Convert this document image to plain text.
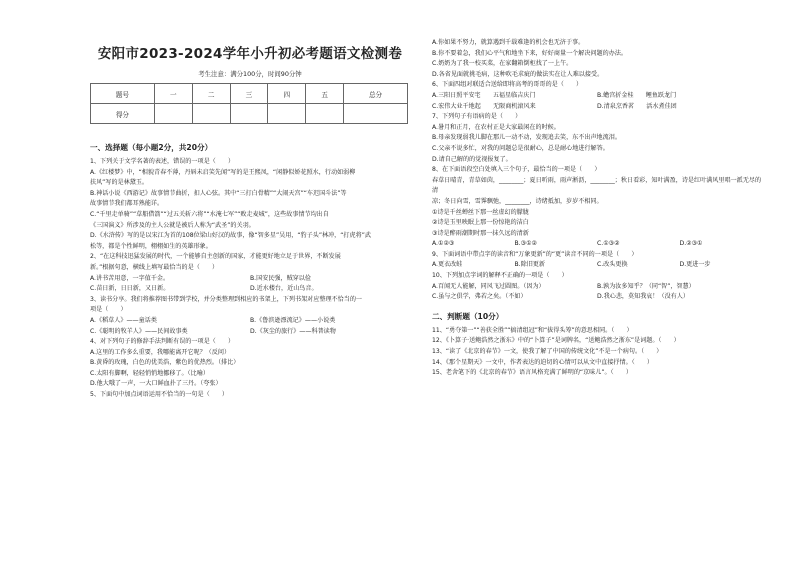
安阳市2023-2024学年小升初必考题语文检测卷
考生注意：满分100分，时间90分钟
题号	一	二	三	四	五	总分
得分						
一、选择题（每小题2分，共20分）

1、下列关于文学名著的表述，错误的一项是（　　）

A.《红楼梦》中，“相貌青春不薄，丹唇未启笑先闻”写的是王熙凤，“闲静似娇花照水，行动如弱柳

扶风”写的是林黛玉。

B.神话小说《西游记》故事情节曲折，扣人心弦。其中“三打白骨精”“大闹天宫”“车迟国斗法”等

故事情节我们都耳熟能详。

C.“千里走单骑”“草船借箭”“过五关斩六将”“水淹七军”“败走麦城”，这些故事情节均出自

《三国演义》所涉及的主人公就是被后人称为“武圣”的关羽。

D.《水浒传》写的是以宋江为首的108位梁山好汉的故事，像“智多星”吴用，“豹子头”林冲，“打虎将”武

松等，都是个性鲜明，栩栩如生的英雄形象。

2、“在这科技迅猛发展的时代，一个能够自主创新的国家，才能更好地立足于世界，不断发展

新。”根据句意，横线上填写最恰当的是（　　）

A.讲书苦用意，一字值千金。	B.国安民强，贼穿以俭
C.苗日新，日日新，又日新。	D.近水楼台，近山鸟音。

3、读书分享。我们将推荐图书带到学校，并分类整理到相应的书架上，下列书架对应整理不恰当的一

项是（　　）

A.《稻草人》——童话类	B.《鲁滨逊漂流记》——小说类
C.《聪明的牧羊人》——民间故事类	D.《灰尘的旅行》——科普读物

4、对下列句子的修辞手法判断有误的一项是（　　）

A.这里的工作多么重要，我哪能离开它呢？（反问）

B.黄昏的玫瑰，白色的优美浩，紫色的优热烈。（排比）

C.太阳有脚啊，轻轻悄悄地挪移了。（比喻）

D.他大哦了一声，一大口鲜血扑了三丹。（夸张）

5、下面句中加点词语运用不恰当的一句是（　　）

A.你如果不努力，就算遇到千载难逢的机会也无济于事。

B.你不要着急，我们心平气和地坐下来，好好商量一个解决问题的办法。

C.奶奶为了我一校买菜，在家翻箱倒柜找了一上午。

D.各省见面就挑毛病，这种吹毛求疵的做法实在让人难以接受。

6、下面四组对联适合送给即将高考的哥哥的是（　　）

A.三阳日照平安宅　　五福星临吉庆门	B.蟾宫折金桂　　鲤鱼跃龙门
C.宏伟大业千地起　　无限商机滚风来	D.清泉烹香茗　　活水煮佳团

7、下列句子有语病的是（　　）

A.暑月和正月，在农村正是大家最闲在的时候。

B.母亲发现弱我儿脚在那儿一动不动，发现追去笑，东不出声地流泪。

C.父亲不说多忙，对我的问题总是很耐心，总是耐心地进行解答。

D.请自己解的的觉视报复了。

8、在下面语段空白处填入三个句子，最恰当的一项是（　　）

春草日晴青，青草如茵，________；夏日听雨，雨声淅沥，________；秋日看彩，知叶满盈，诗是红叶满风里唱一派无尽的清

凉；冬日向雪，雪霁飘弛，________，诗绪抵加，岁岁不相同。

①诗是千丝蝉丝下那一丝虚幻的朦胧

②诗是玉里映眠上那一份惊艳的洁白

③诗是醉雨潮期时那一抹久远的清新

A.①②③	B.③①②	C.①③②	D.②③①

9、下面词语中带点字的读音和“万象更新”的“更”读音不同的一项是（　　）

A.更衣改蛙	B.除旧更新	C.改头更换	D.更进一步

10、下列加点字词的解释不正确的一项是（　　）

A.百闻无人能解，同风飞过圆图。（因为）	B.孰为汝多知乎？（同“智”，智慧）
C.虽与之俱学，弗若之矣。（不如）	D.我心悲，莫知我哀！（没有人）
二、判断题（10分）

11、“勇夺第一”“善获全胜”“搞清组冠”和“拔得头筹”的意思相同。（　　）

12、《卜算子·送鲍浩然之浙东》中的“卜算子”是词牌名，“送鲍浩然之浙东”是词题。（　　）

13、“读了《北京的春节》一文，使我了解了中国的传统文化”不是一个病句。（　　）

14、《那个星期天》一文中，作者表达的迫切的心情可以从文中直接抒情。（　　）

15、老舍笔下的《北京的春节》语言风格充满了鲜明的“京味儿”。（　　）
